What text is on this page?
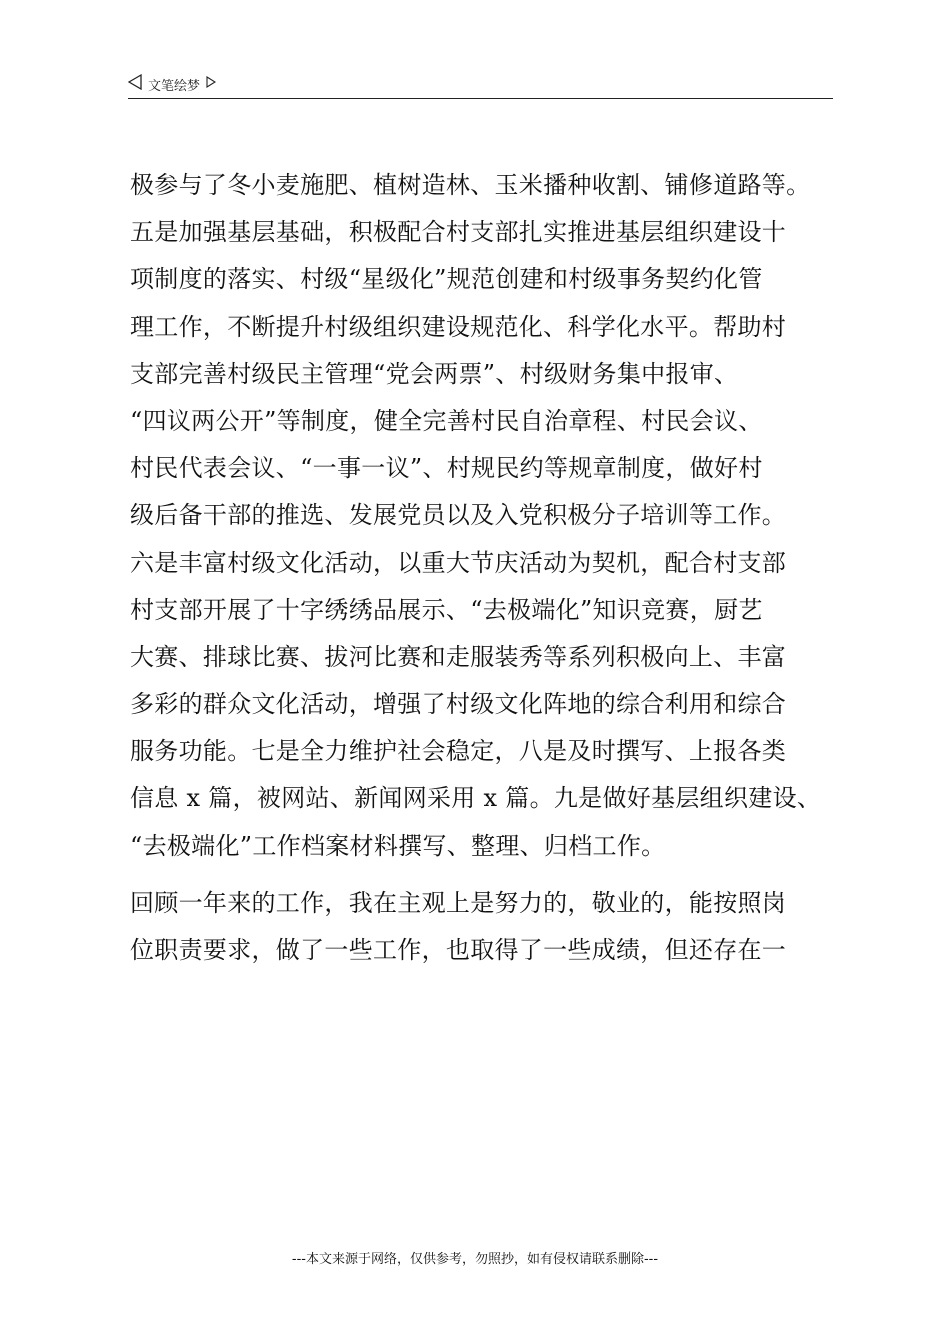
文笔绘梦
极参与了冬小麦施肥、植树造林、玉米播种收割、铺修道路等。
五是加强基层基础，积极配合村支部扎实推进基层组织建设十
项制度的落实、村级“星级化”规范创建和村级事务契约化管
理工作，不断提升村级组织建设规范化、科学化水平。帮助村
支部完善村级民主管理“党会两票”、村级财务集中报审、
“四议两公开”等制度，健全完善村民自治章程、村民会议、
村民代表会议、“一事一议”、村规民约等规章制度，做好村
级后备干部的推选、发展党员以及入党积极分子培训等工作。
六是丰富村级文化活动，以重大节庆活动为契机，配合村支部
村支部开展了十字绣绣品展示、“去极端化”知识竞赛，厨艺
大赛、排球比赛、拔河比赛和走服装秀等系列积极向上、丰富
多彩的群众文化活动，增强了村级文化阵地的综合利用和综合
服务功能。七是全力维护社会稳定，八是及时撰写、上报各类
信息 x 篇，被网站、新闻网采用 x 篇。九是做好基层组织建设、
“去极端化”工作档案材料撰写、整理、归档工作。
回顾一年来的工作，我在主观上是努力的，敬业的，能按照岗
位职责要求，做了一些工作，也取得了一些成绩，但还存在一
---本文来源于网络，仅供参考，勿照抄，如有侵权请联系删除---
